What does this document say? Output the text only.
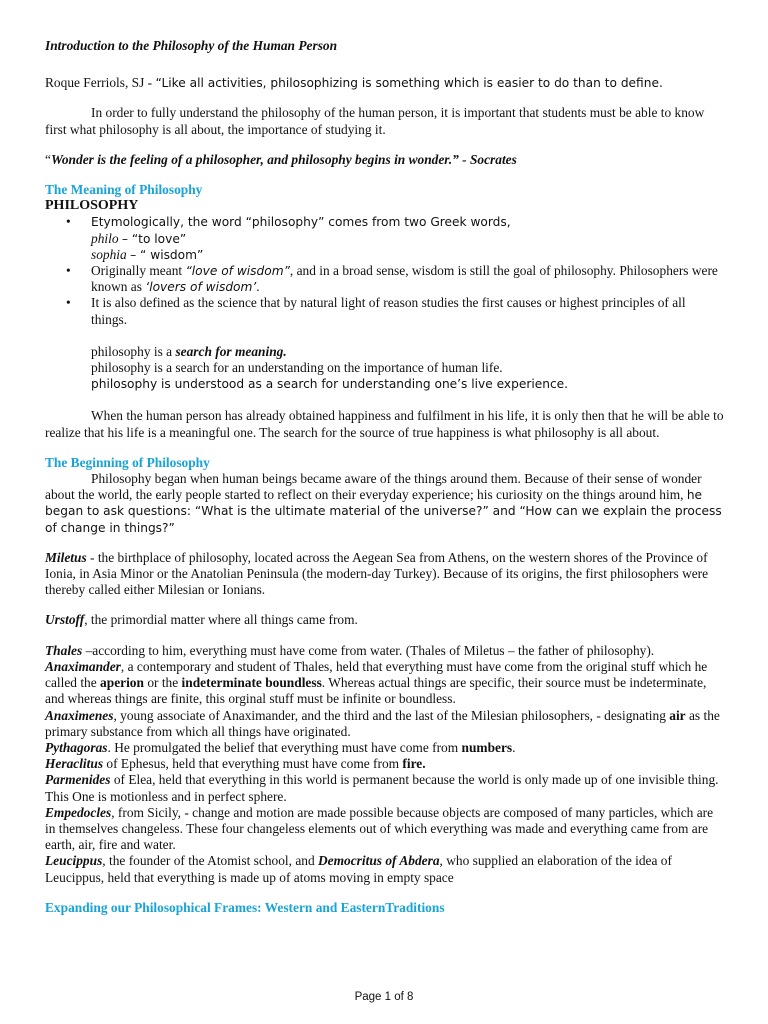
Introduction to the Philosophy of the Human Person

Roque Ferriols, SJ - “Like all activities, philosophizing is something which is easier to do than to define.

In order to fully understand the philosophy of the human person, it is important that students must be able to know first what philosophy is all about, the importance of studying it.

“Wonder is the feeling of a philosopher, and philosophy begins in wonder.” - Socrates

The Meaning of Philosophy

PHILOSOPHY

• Etymologically, the word “philosophy” comes from two Greek words,
philo – “to love”
sophia – “ wisdom”
• Originally meant “love of wisdom”, and in a broad sense, wisdom is still the goal of philosophy. Philosophers were known as ‘lovers of wisdom’.
• It is also defined as the science that by natural light of reason studies the first causes or highest principles of all things.

philosophy is a search for meaning.

philosophy is a search for an understanding on the importance of human life.

philosophy is understood as a search for understanding one’s live experience.

When the human person has already obtained happiness and fulfilment in his life, it is only then that he will be able to realize that his life is a meaningful one. The search for the source of true happiness is what philosophy is all about.

The Beginning of Philosophy

Philosophy began when human beings became aware of the things around them. Because of their sense of wonder about the world, the early people started to reflect on their everyday experience; his curiosity on the things around him, he began to ask questions: “What is the ultimate material of the universe?” and “How can we explain the process of change in things?”

Miletus - the birthplace of philosophy, located across the Aegean Sea from Athens, on the western shores of the Province of Ionia, in Asia Minor or the Anatolian Peninsula (the modern-day Turkey). Because of its origins, the first philosophers were thereby called either Milesian or Ionians.

Urstoff, the primordial matter where all things came from.

Thales –according to him, everything must have come from water. (Thales of Miletus – the father of philosophy).

Anaximander, a contemporary and student of Thales, held that everything must have come from the original stuff which he called the aperion or the indeterminate boundless. Whereas actual things are specific, their source must be indeterminate, and whereas things are finite, this orginal stuff must be infinite or boundless.

Anaximenes, young associate of Anaximander, and the third and the last of the Milesian philosophers, - designating air as the primary substance from which all things have originated.

Pythagoras. He promulgated the belief that everything must have come from numbers.

Heraclitus of Ephesus, held that everything must have come from fire.

Parmenides of Elea, held that everything in this world is permanent because the world is only made up of one invisible thing. This One is motionless and in perfect sphere.

Empedocles, from Sicily, - change and motion are made possible because objects are composed of many particles, which are in themselves changeless. These four changeless elements out of which everything was made and everything came from are earth, air, fire and water.

Leucippus, the founder of the Atomist school, and Democritus of Abdera, who supplied an elaboration of the idea of Leucippus, held that everything is made up of atoms moving in empty space

Expanding our Philosophical Frames: Western and EasternTraditions

Page 1 of 8
